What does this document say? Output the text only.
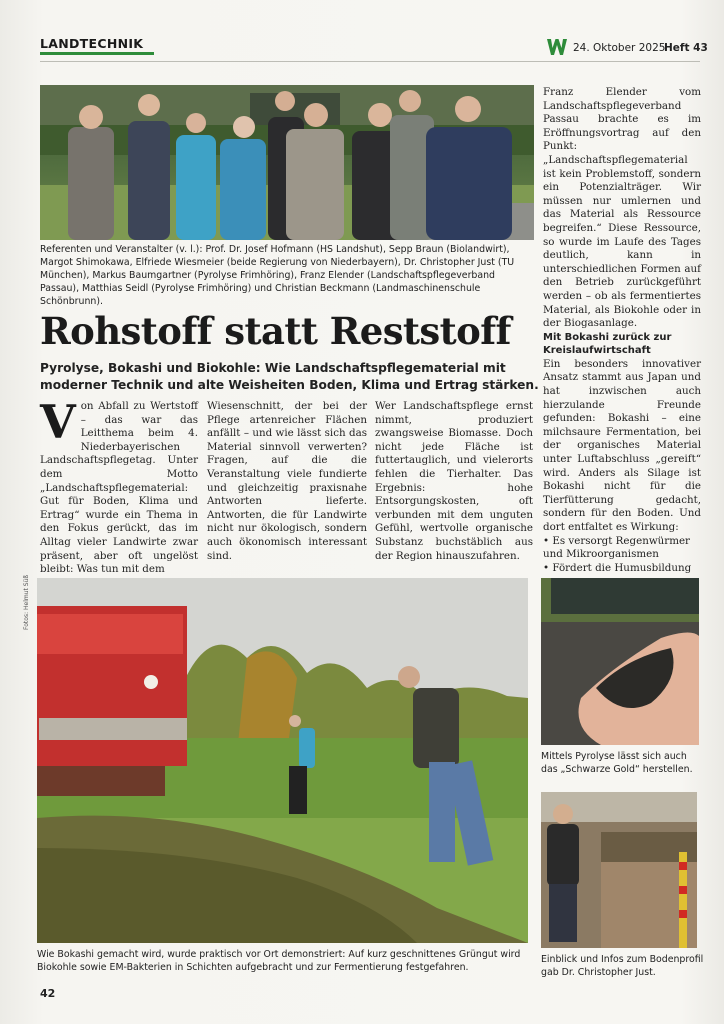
LANDTECHNIK	24. Oktober 2025
Heft 43
Referenten und Veranstalter (v. l.): Prof. Dr. Josef Hofmann (HS Landshut), Sepp Braun (Biolandwirt), Margot Shimokawa, Elfriede Wiesmeier (beide Regierung von Niederbayern), Dr. Christopher Just (TU München), Markus Baumgartner (Pyrolyse Frimhöring), Franz Elender (Landschaftspflegeverband Passau), Matthias Seidl (Pyrolyse Frimhöring) und Christian Beckmann (Landmaschinenschule Schönbrunn).
Rohstoff statt Reststoff
Pyrolyse, Bokashi und Biokohle: Wie Landschaftspflegematerial mit moderner Technik und alte Weisheiten Boden, Klima und Ertrag stärken.
V on Abfall zu Wertstoff – das war das Leitthema beim 4. Niederbayerischen Landschaftspflegetag. Unter dem Motto „Landschaftspflegematerial: Gut für Boden, Klima und Ertrag“ wurde ein Thema in den Fokus gerückt, das im Alltag vieler Landwirte zwar präsent, aber oft ungelöst bleibt: Was tun mit dem

Wiesenschnitt, der bei der Pflege artenreicher Flächen anfällt – und wie lässt sich das Material sinnvoll verwerten? Fragen, auf die die Veranstaltung viele fundierte und gleichzeitig praxisnahe Antworten lieferte. Antworten, die für Landwirte nicht nur ökologisch, sondern auch ökonomisch interessant sind.

Wer Landschaftspflege ernst nimmt, produziert zwangsweise Biomasse. Doch nicht jede Fläche ist futtertauglich, und vielerorts fehlen die Tierhalter. Das Ergebnis: hohe Entsorgungskosten, oft verbunden mit dem unguten Gefühl, wertvolle organische Substanz buchstäblich aus der Region hinauszufahren.

Franz Elender vom Landschaftspflegeverband Passau brachte es im Eröffnungsvortrag auf den Punkt: „Landschaftspflegematerial ist kein Problemstoff, sondern ein Potenzialträger. Wir müssen nur umlernen und das Material als Ressource begreifen.“ Diese Ressource, so wurde im Laufe des Tages deutlich, kann in unterschiedlichen Formen auf den Betrieb zurückgeführt werden – ob als fermentiertes Material, als Biokohle oder in der Biogasanlage.

Mit Bokashi zurück zur Kreislaufwirtschaft

Ein besonders innovativer Ansatz stammt aus Japan und hat inzwischen auch hierzulande Freunde gefunden: Bokashi – eine milchsaure Fermentation, bei der organisches Material unter Luftabschluss „gereift“ wird. Anders als Silage ist Bokashi nicht für die Tierfütterung gedacht, sondern für den Boden. Und dort entfaltet es Wirkung:

• Es versorgt Regenwürmer und Mikroorganismen
• Fördert die Humusbildung
Fotos: Helmut Süß
Wie Bokashi gemacht wird, wurde praktisch vor Ort demonstriert: Auf kurz geschnittenes Grüngut wird Biokohle sowie EM-Bakterien in Schichten aufgebracht und zur Fermentierung festgefahren.
Mittels Pyrolyse lässt sich auch das „Schwarze Gold“ herstellen.
Einblick und Infos zum Bodenprofil gab Dr. Christopher Just.
42
